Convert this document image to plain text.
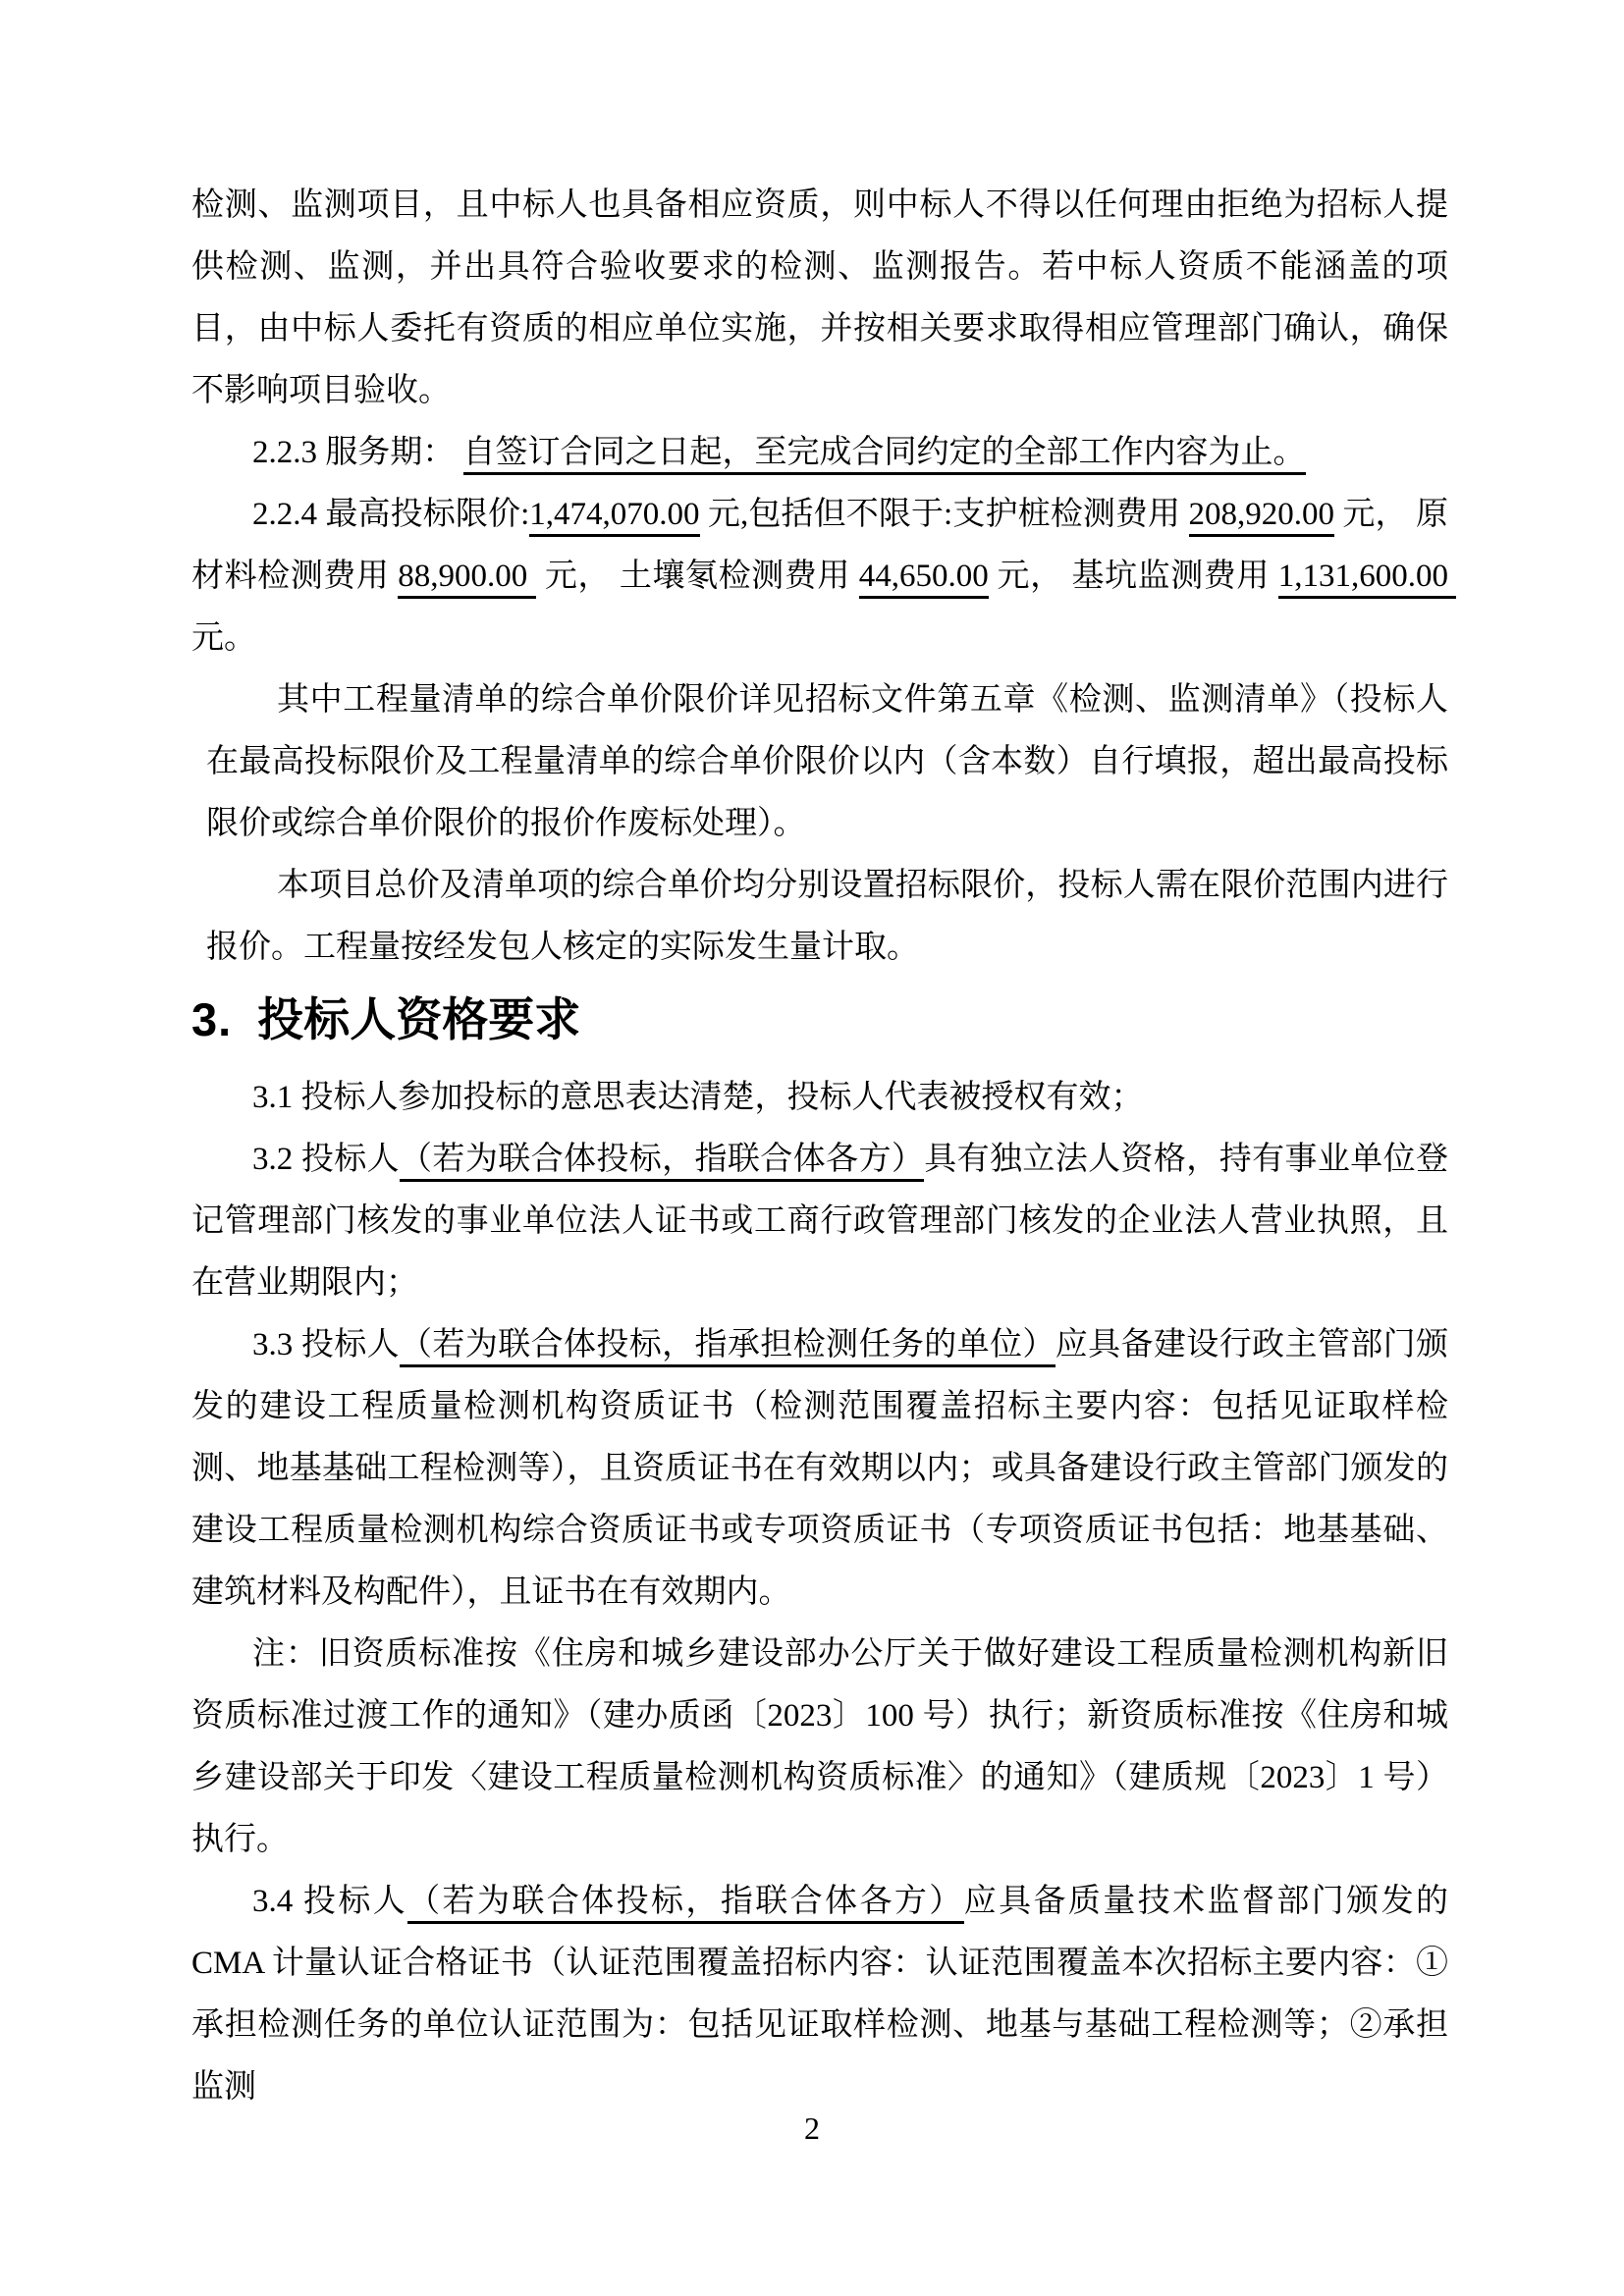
检测、监测项目，且中标人也具备相应资质，则中标人不得以任何理由拒绝为招标人提供检测、监测，并出具符合验收要求的检测、监测报告。若中标人资质不能涵盖的项目，由中标人委托有资质的相应单位实施，并按相关要求取得相应管理部门确认，确保不影响项目验收。

2.2.3 服务期： 自签订合同之日起，至完成合同约定的全部工作内容为止。

2.2.4 最高投标限价:1,474,070.00 元,包括但不限于:支护桩检测费用 208,920.00 元， 原材料检测费用 88,900.00  元， 土壤氡检测费用 44,650.00 元， 基坑监测费用 1,131,600.00  元。

其中工程量清单的综合单价限价详见招标文件第五章《检测、监测清单》（投标人在最高投标限价及工程量清单的综合单价限价以内（含本数）自行填报，超出最高投标限价或综合单价限价的报价作废标处理）。

本项目总价及清单项的综合单价均分别设置招标限价，投标人需在限价范围内进行报价。工程量按经发包人核定的实际发生量计取。

3. 投标人资格要求

3.1 投标人参加投标的意思表达清楚，投标人代表被授权有效；

3.2 投标人（若为联合体投标，指联合体各方）具有独立法人资格，持有事业单位登记管理部门核发的事业单位法人证书或工商行政管理部门核发的企业法人营业执照，且在营业期限内；

3.3 投标人（若为联合体投标，指承担检测任务的单位）应具备建设行政主管部门颁发的建设工程质量检测机构资质证书（检测范围覆盖招标主要内容：包括见证取样检测、地基基础工程检测等），且资质证书在有效期以内；或具备建设行政主管部门颁发的建设工程质量检测机构综合资质证书或专项资质证书（专项资质证书包括：地基基础、建筑材料及构配件），且证书在有效期内。

注：旧资质标准按《住房和城乡建设部办公厅关于做好建设工程质量检测机构新旧资质标准过渡工作的通知》（建办质函〔2023〕100 号）执行；新资质标准按《住房和城乡建设部关于印发〈建设工程质量检测机构资质标准〉的通知》（建质规〔2023〕1 号）执行。

3.4 投标人（若为联合体投标，指联合体各方）应具备质量技术监督部门颁发的 CMA 计量认证合格证书（认证范围覆盖招标内容：认证范围覆盖本次招标主要内容：①承担检测任务的单位认证范围为：包括见证取样检测、地基与基础工程检测等；②承担监测

2
